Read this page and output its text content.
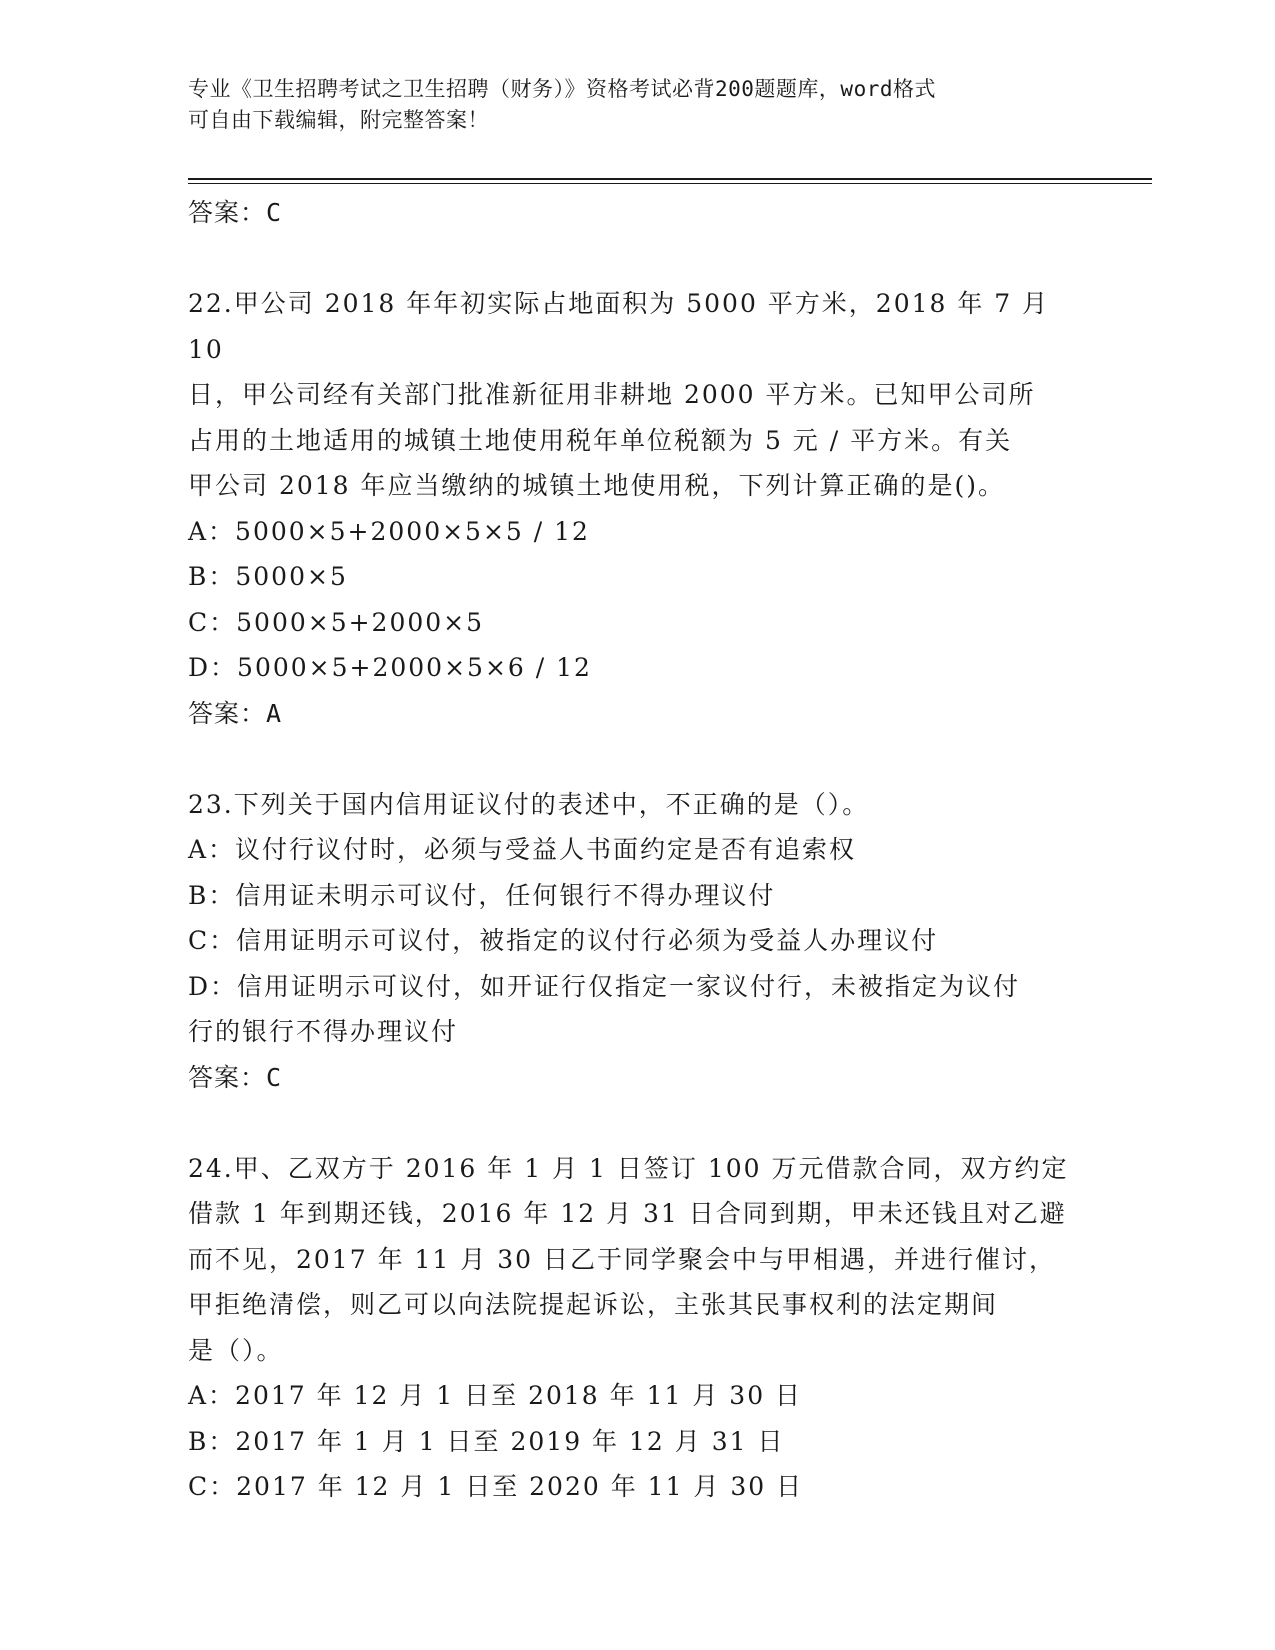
专业《卫生招聘考试之卫生招聘（财务）》资格考试必背200题题库，word格式
可自由下载编辑，附完整答案！
答案：C
22.甲公司 2018 年年初实际占地面积为 5000 平方米，2018 年 7 月 10
日，甲公司经有关部门批准新征用非耕地 2000 平方米。已知甲公司所
占用的土地适用的城镇土地使用税年单位税额为 5 元 / 平方米。有关
甲公司 2018 年应当缴纳的城镇土地使用税，下列计算正确的是()。
A：5000×5+2000×5×5 / 12
B：5000×5
C：5000×5+2000×5
D：5000×5+2000×5×6 / 12
答案：A
23.下列关于国内信用证议付的表述中，不正确的是（）。
A：议付行议付时，必须与受益人书面约定是否有追索权
B：信用证未明示可议付，任何银行不得办理议付
C：信用证明示可议付，被指定的议付行必须为受益人办理议付
D：信用证明示可议付，如开证行仅指定一家议付行，未被指定为议付
行的银行不得办理议付
答案：C
24.甲、乙双方于 2016 年 1 月 1 日签订 100 万元借款合同，双方约定
借款 1 年到期还钱，2016 年 12 月 31 日合同到期，甲未还钱且对乙避
而不见，2017 年 11 月 30 日乙于同学聚会中与甲相遇，并进行催讨，
甲拒绝清偿，则乙可以向法院提起诉讼，主张其民事权利的法定期间
是（）。
A：2017 年 12 月 1 日至 2018 年 11 月 30 日
B：2017 年 1 月 1 日至 2019 年 12 月 31 日
C：2017 年 12 月 1 日至 2020 年 11 月 30 日
